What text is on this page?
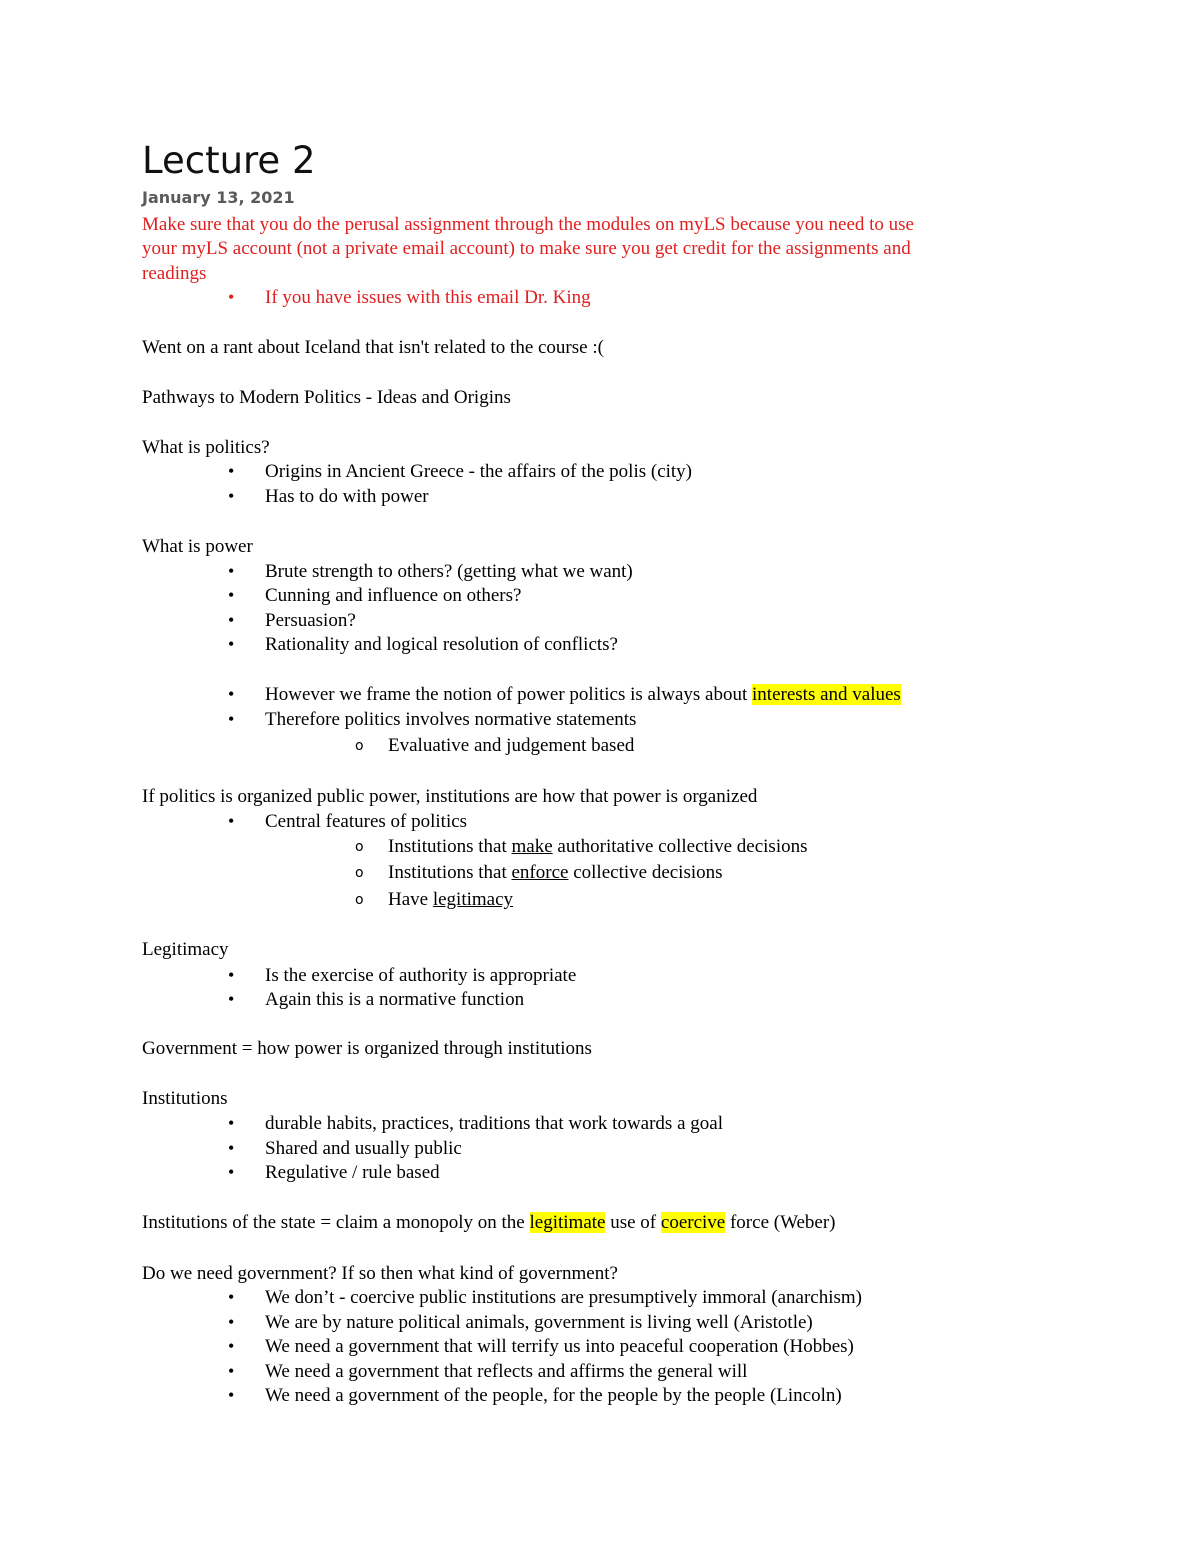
Lecture 2
January 13, 2021
Make sure that you do the perusal assignment through the modules on myLS because you need to use
your myLS account (not a private email account) to make sure you get credit for the assignments and
readings
• If you have issues with this email Dr. King
Went on a rant about Iceland that isn't related to the course :(
Pathways to Modern Politics - Ideas and Origins
What is politics?
• Origins in Ancient Greece - the affairs of the polis (city)
• Has to do with power
What is power
• Brute strength to others? (getting what we want)
• Cunning and influence on others?
• Persuasion?
• Rationality and logical resolution of conflicts?
• However we frame the notion of power politics is always about interests and values
• Therefore politics involves normative statements
o Evaluative and judgement based
If politics is organized public power, institutions are how that power is organized
• Central features of politics
o Institutions that make authoritative collective decisions
o Institutions that enforce collective decisions
o Have legitimacy
Legitimacy
• Is the exercise of authority is appropriate
• Again this is a normative function
Government = how power is organized through institutions
Institutions
• durable habits, practices, traditions that work towards a goal
• Shared and usually public
• Regulative / rule based
Institutions of the state = claim a monopoly on the legitimate use of coercive force (Weber)
Do we need government? If so then what kind of government?
• We don’t - coercive public institutions are presumptively immoral (anarchism)
• We are by nature political animals, government is living well (Aristotle)
• We need a government that will terrify us into peaceful cooperation (Hobbes)
• We need a government that reflects and affirms the general will
• We need a government of the people, for the people by the people (Lincoln)
